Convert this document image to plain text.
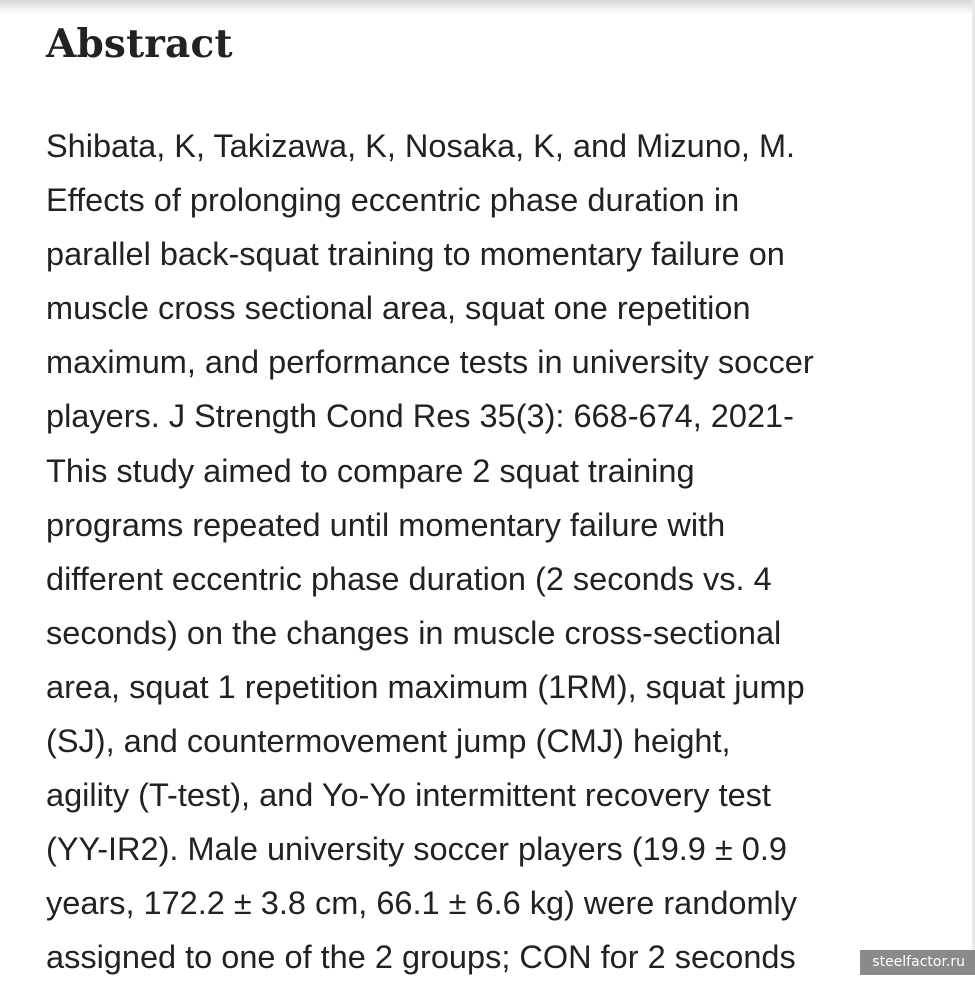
Abstract
Shibata, K, Takizawa, K, Nosaka, K, and Mizuno, M.
Effects of prolonging eccentric phase duration in
parallel back-squat training to momentary failure on
muscle cross sectional area, squat one repetition
maximum, and performance tests in university soccer
players. J Strength Cond Res 35(3): 668-674, 2021-
This study aimed to compare 2 squat training
programs repeated until momentary failure with
different eccentric phase duration (2 seconds vs. 4
seconds) on the changes in muscle cross-sectional
area, squat 1 repetition maximum (1RM), squat jump
(SJ), and countermovement jump (CMJ) height,
agility (T-test), and Yo-Yo intermittent recovery test
(YY-IR2). Male university soccer players (19.9 ± 0.9
years, 172.2 ± 3.8 cm, 66.1 ± 6.6 kg) were randomly
assigned to one of the 2 groups; CON for 2 seconds	steelfactor.ru
